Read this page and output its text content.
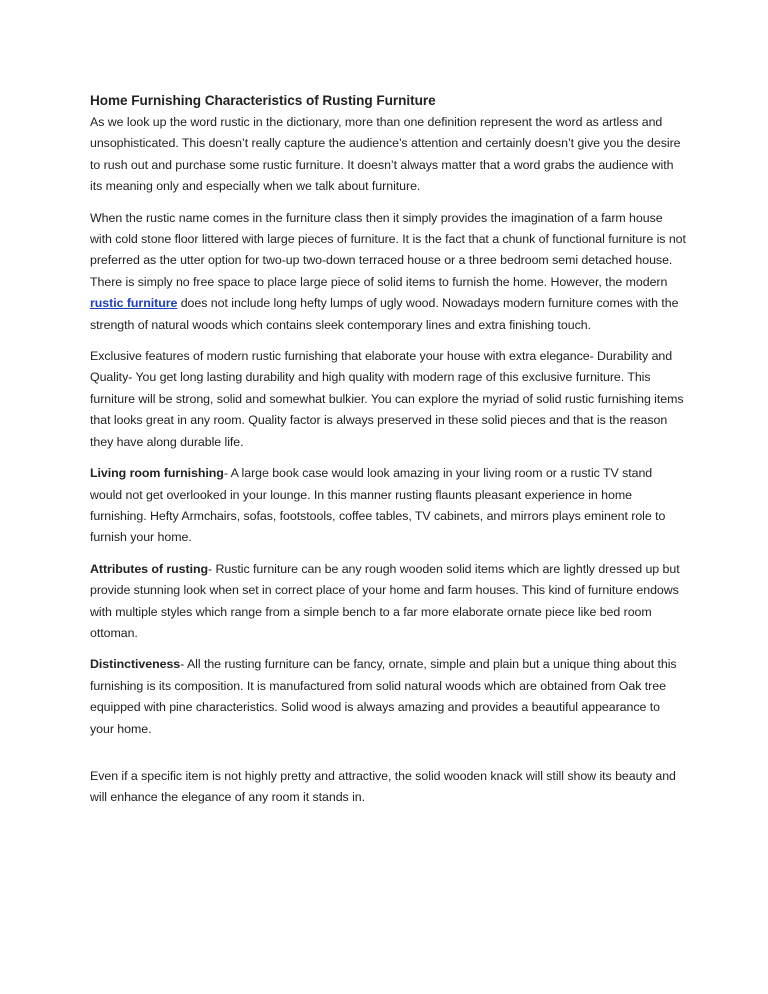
Home Furnishing Characteristics of Rusting Furniture

As we look up the word rustic in the dictionary, more than one definition represent the word as artless and unsophisticated. This doesn’t really capture the audience’s attention and certainly doesn’t give you the desire to rush out and purchase some rustic furniture. It doesn’t always matter that a word grabs the audience with its meaning only and especially when we talk about furniture.

When the rustic name comes in the furniture class then it simply provides the imagination of a farm house with cold stone floor littered with large pieces of furniture. It is the fact that a chunk of functional furniture is not preferred as the utter option for two-up two-down terraced house or a three bedroom semi detached house. There is simply no free space to place large piece of solid items to furnish the home. However, the modern rustic furniture does not include long hefty lumps of ugly wood. Nowadays modern furniture comes with the strength of natural woods which contains sleek contemporary lines and extra finishing touch.

Exclusive features of modern rustic furnishing that elaborate your house with extra elegance- Durability and Quality- You get long lasting durability and high quality with modern rage of this exclusive furniture. This furniture will be strong, solid and somewhat bulkier. You can explore the myriad of solid rustic furnishing items that looks great in any room. Quality factor is always preserved in these solid pieces and that is the reason they have along durable life.

Living room furnishing- A large book case would look amazing in your living room or a rustic TV stand would not get overlooked in your lounge. In this manner rusting flaunts pleasant experience in home furnishing. Hefty Armchairs, sofas, footstools, coffee tables, TV cabinets, and mirrors plays eminent role to furnish your home.

Attributes of rusting- Rustic furniture can be any rough wooden solid items which are lightly dressed up but provide stunning look when set in correct place of your home and farm houses. This kind of furniture endows with multiple styles which range from a simple bench to a far more elaborate ornate piece like bed room ottoman.

Distinctiveness- All the rusting furniture can be fancy, ornate, simple and plain but a unique thing about this furnishing is its composition. It is manufactured from solid natural woods which are obtained from Oak tree equipped with pine characteristics. Solid wood is always amazing and provides a beautiful appearance to your home.

Even if a specific item is not highly pretty and attractive, the solid wooden knack will still show its beauty and will enhance the elegance of any room it stands in.
